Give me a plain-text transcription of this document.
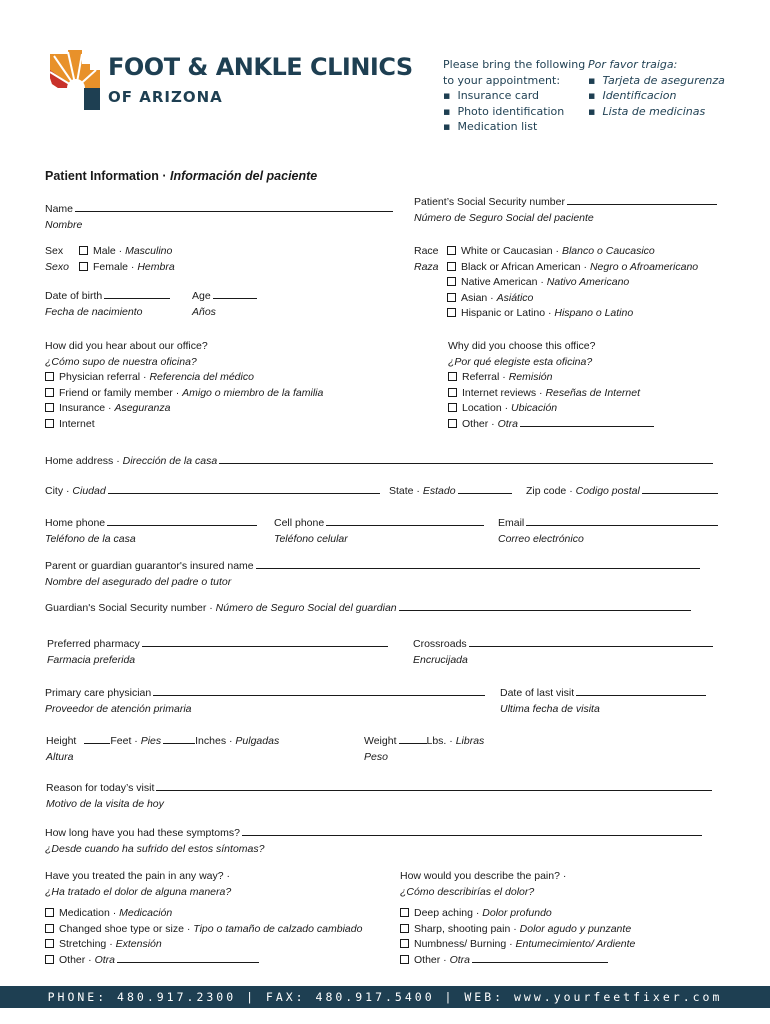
FOOT & ANKLE CLINICS
OF ARIZONA
Please bring the following
to your appointment:
▪  Insurance card
▪  Photo identification
▪  Medication list
Por favor traiga:
▪  Tarjeta de asegurenza
▪  Identificacion
▪  Lista de medicinas
Patient Information · Información del paciente
Name
Nombre
Patient’s Social Security number
Número de Seguro Social del paciente
Sex	Male · Masculino
Sexo Female · Hembra
Race White or Caucasian · Blanco o Caucasico
Raza Black or African American · Negro o Afroamericano
Native American · Nativo Americano
Asian · Asiático
Hispanic or Latino · Hispano o Latino
Date of birth
Fecha de nacimiento
Age
Años
How did you hear about our office?
¿Cómo supo de nuestra oficina?
Physician referral · Referencia del médico
Friend or family member · Amigo o miembro de la familia
Insurance · Aseguranza
Internet
Why did you choose this office?
¿Por qué elegiste esta oficina?
Referral · Remisión
Internet reviews · Reseñas de Internet
Location · Ubicación
Other · Otra
Home address · Dirección de la casa
City · Ciudad	State · Estado	Zip code · Codigo postal
Home phone
Teléfono de la casa
Cell phone
Teléfono celular
Email
Correo electrónico
Parent or guardian guarantor's insured name
Nombre del asegurado del padre o tutor
Guardian's Social Security number · Número de Seguro Social del guardian
Preferred pharmacy
Farmacia preferida
Crossroads
Encrucijada
Primary care physician
Proveedor de atención primaria
Date of last visit
Ultima fecha de visita
Height	Feet · Pies	Inches · Pulgadas
Altura
Weight	Lbs. · Libras
Peso
Reason for today’s visit
Motivo de la visita de hoy
How long have you had these symptoms?
¿Desde cuando ha sufrido del estos síntomas?
Have you treated the pain in any way? ·
¿Ha tratado el dolor de alguna manera?
Medication · Medicación
Changed shoe type or size · Tipo o tamaño de calzado cambiado
Stretching · Extensión
Other · Otra
How would you describe the pain? ·
¿Cómo describirías el dolor?
Deep aching · Dolor profundo
Sharp, shooting pain · Dolor agudo y punzante
Numbness/ Burning · Entumecimiento/ Ardiente
Other · Otra
PHONE: 480.917.2300 | FAX: 480.917.5400 | WEB: www.yourfeetfixer.com
